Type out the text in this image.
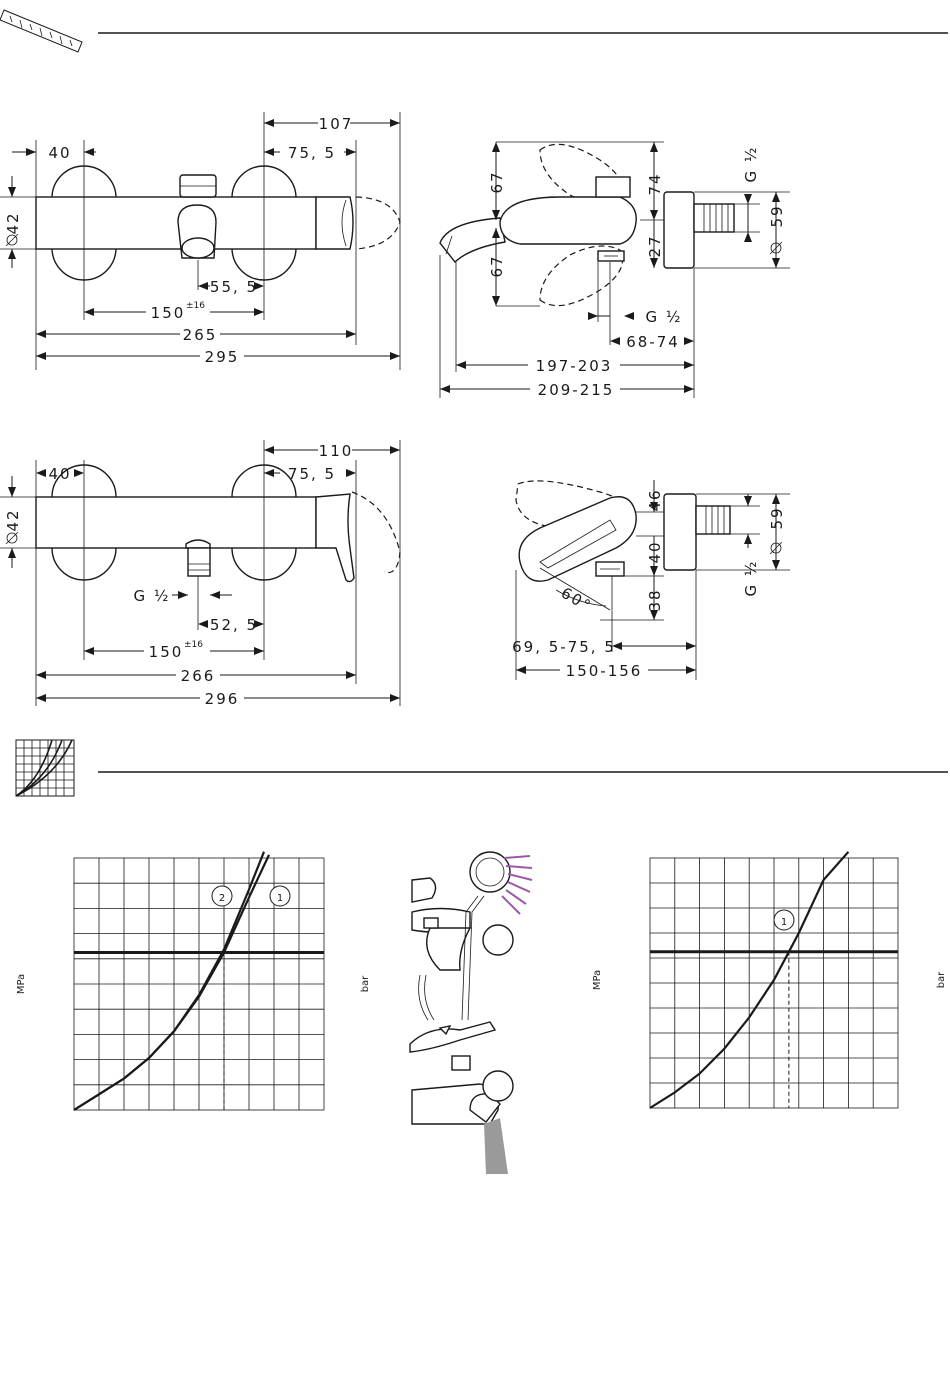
107
40	75, 5
42
55, 5
150 ±16
265
295
67
67
74
27
G ½
59
G ½
68-74
197-203
209-215
110
40	75, 5
42
G ½
52, 5
150 ±16
266
296
46
40
38
59
G ½
60°
69, 5-75, 5
150-156
MPa	bar
2	1
MPa	bar
1
